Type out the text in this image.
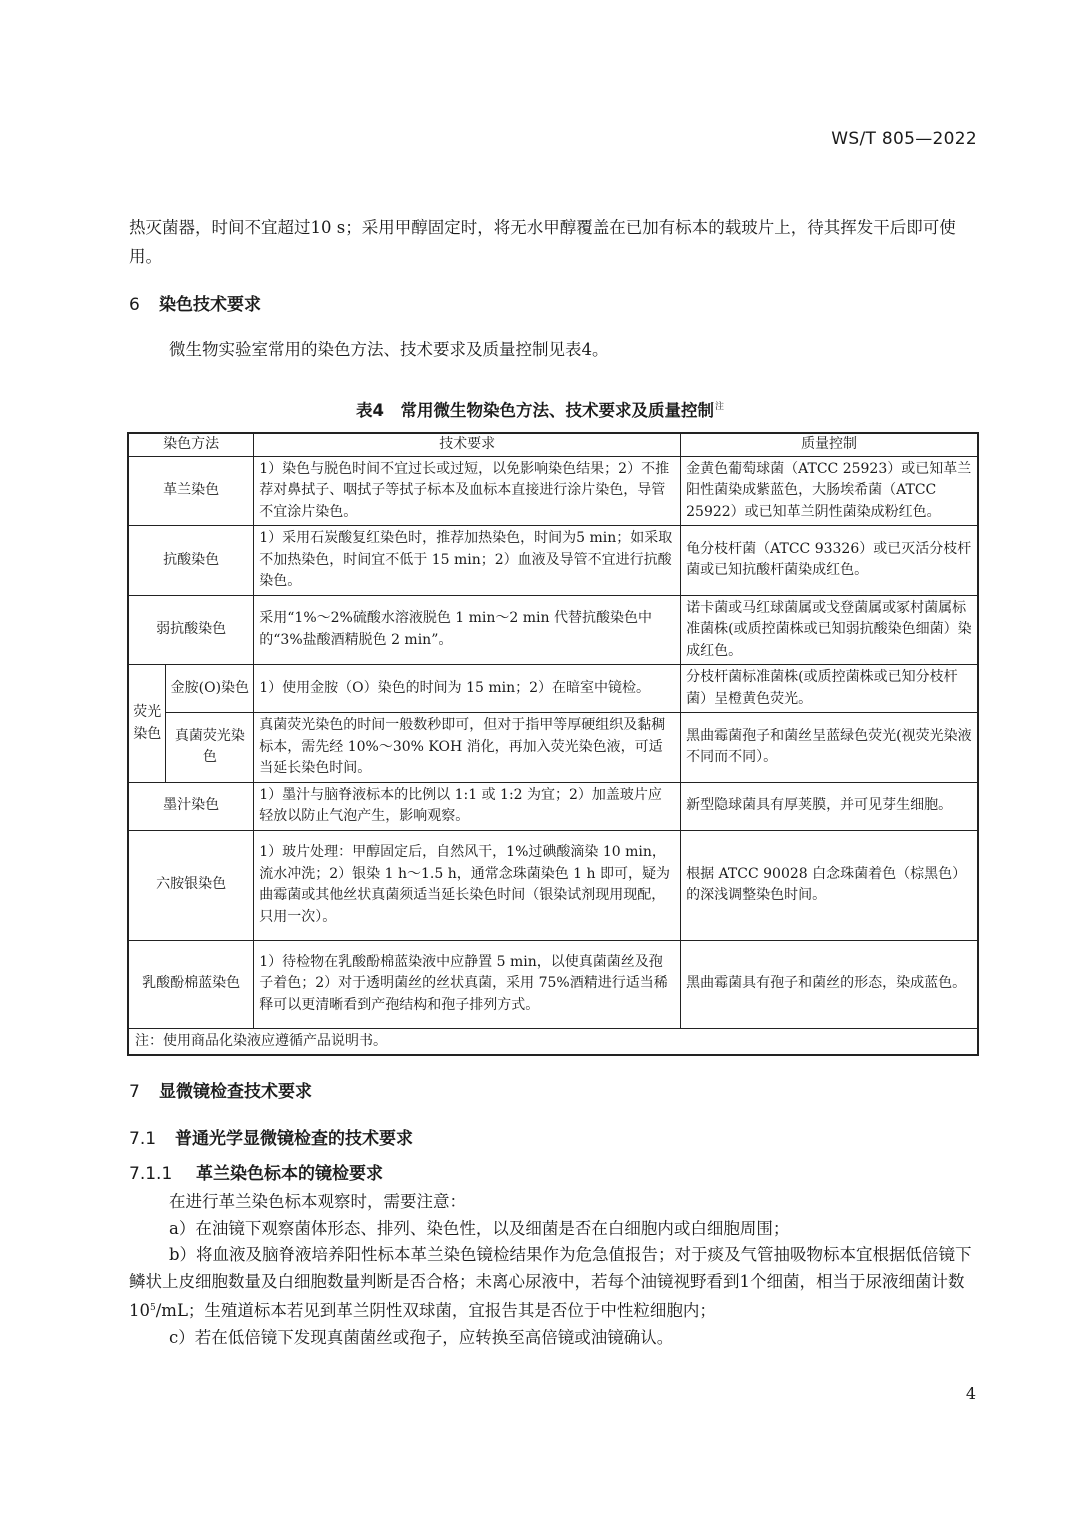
WS/T 805—2022

热灭菌器，时间不宜超过10 s；采用甲醇固定时，将无水甲醇覆盖在已加有标本的载玻片上，待其挥发干后即可使用。

6 染色技术要求

微生物实验室常用的染色方法、技术要求及质量控制见表4。

表4　常用微生物染色方法、技术要求及质量控制$^注$
染色方法		技术要求	质量控制
革兰染色		1）染色与脱色时间不宜过长或过短，以免影响染色结果；2）不推荐对鼻拭子、咽拭子等拭子标本及血标本直接进行涂片染色，导管不宜涂片染色。	金黄色葡萄球菌（ATCC 25923）或已知革兰阳性菌染成紫蓝色，大肠埃希菌（ATCC 25922）或已知革兰阴性菌染成粉红色。
抗酸染色		1）采用石炭酸复红染色时，推荐加热染色，时间为5 min；如采取不加热染色，时间宜不低于 15 min；2）血液及导管不宜进行抗酸染色。	龟分枝杆菌（ATCC 93326）或已灭活分枝杆菌或已知抗酸杆菌染成红色。
弱抗酸染色		采用“1%～2%硫酸水溶液脱色 1 min～2 min 代替抗酸染色中的“3%盐酸酒精脱色 2 min”。	诺卡菌或马红球菌属或戈登菌属或冢村菌属标准菌株(或质控菌株或已知弱抗酸染色细菌）染成红色。
荧光染色	金胺(O)染色	1）使用金胺（O）染色的时间为 15 min；2）在暗室中镜检。	分枝杆菌标准菌株(或质控菌株或已知分枝杆菌）呈橙黄色荧光。
	真菌荧光染色	真菌荧光染色的时间一般数秒即可，但对于指甲等厚硬组织及黏稠标本，需先经 10%～30% KOH 消化，再加入荧光染色液，可适当延长染色时间。	黑曲霉菌孢子和菌丝呈蓝绿色荧光(视荧光染液不同而不同）。
墨汁染色		1）墨汁与脑脊液标本的比例以 1:1 或 1:2 为宜；2）加盖玻片应轻放以防止气泡产生，影响观察。	新型隐球菌具有厚荚膜，并可见芽生细胞。
六胺银染色		1）玻片处理：甲醇固定后，自然风干，1%过碘酸滴染 10 min，流水冲洗；2）银染 1 h～1.5 h，通常念珠菌染色 1 h 即可，疑为曲霉菌或其他丝状真菌须适当延长染色时间（银染试剂现用现配，只用一次）。	根据 ATCC 90028 白念珠菌着色（棕黑色）的深浅调整染色时间。
乳酸酚棉蓝染色		1）待检物在乳酸酚棉蓝染液中应静置 5 min，以使真菌菌丝及孢子着色；2）对于透明菌丝的丝状真菌，采用 75%酒精进行适当稀释可以更清晰看到产孢结构和孢子排列方式。	黑曲霉菌具有孢子和菌丝的形态，染成蓝色。
注：使用商品化染液应遵循产品说明书。			
7 显微镜检查技术要求
7.1 普通光学显微镜检查的技术要求
7.1.1 革兰染色标本的镜检要求

在进行革兰染色标本观察时，需要注意：

a）在油镜下观察菌体形态、排列、染色性，以及细菌是否在白细胞内或白细胞周围；

b）将血液及脑脊液培养阳性标本革兰染色镜检结果作为危急值报告；对于痰及气管抽吸物标本宜根据低倍镜下鳞状上皮细胞数量及白细胞数量判断是否合格；未离心尿液中，若每个油镜视野看到1个细菌，相当于尿液细菌计数$10^5/mL$；生殖道标本若见到革兰阴性双球菌，宜报告其是否位于中性粒细胞内；

c）若在低倍镜下发现真菌菌丝或孢子，应转换至高倍镜或油镜确认。

4
